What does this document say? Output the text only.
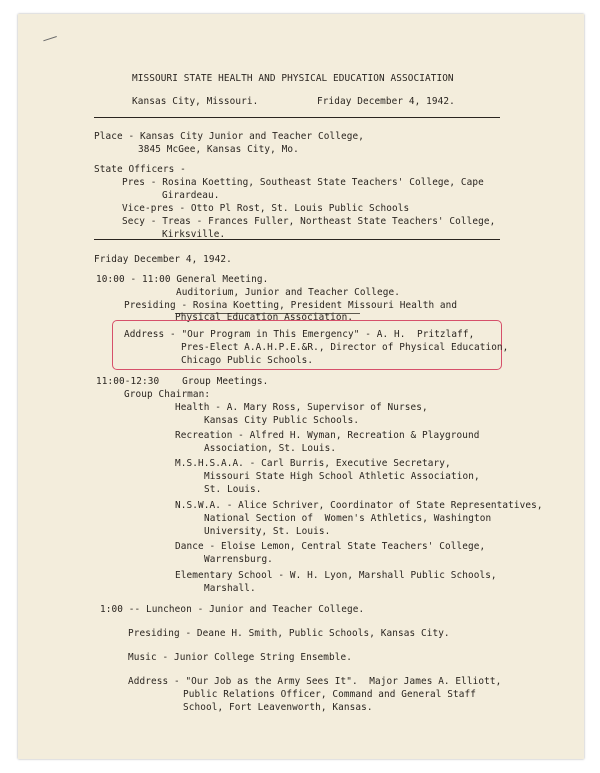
MISSOURI STATE HEALTH AND PHYSICAL EDUCATION ASSOCIATION
Kansas City, Missouri.	Friday December 4, 1942.
Place - Kansas City Junior and Teacher College,
3845 McGee, Kansas City, Mo.
State Officers -
Pres - Rosina Koetting, Southeast State Teachers' College, Cape
Girardeau.
Vice-pres - Otto Pl Rost, St. Louis Public Schools
Secy - Treas - Frances Fuller, Northeast State Teachers' College,
Kirksville.
Friday December 4, 1942.
10:00 - 11:00 General Meeting.
Auditorium, Junior and Teacher College.
Presiding - Rosina Koetting, President Missouri Health and
Physical Education Association.
Address - "Our Program in This Emergency" - A. H.  Pritzlaff,
Pres-Elect A.A.H.P.E.&R., Director of Physical Education,
Chicago Public Schools.
11:00-12:30    Group Meetings.
Group Chairman:
Health - A. Mary Ross, Supervisor of Nurses,
Kansas City Public Schools.
Recreation - Alfred H. Wyman, Recreation & Playground
Association, St. Louis.
M.S.H.S.A.A. - Carl Burris, Executive Secretary,
Missouri State High School Athletic Association,
St. Louis.
N.S.W.A. - Alice Schriver, Coordinator of State Representatives,
National Section of  Women's Athletics, Washington
University, St. Louis.
Dance - Eloise Lemon, Central State Teachers' College,
Warrensburg.
Elementary School - W. H. Lyon, Marshall Public Schools,
Marshall.
1:00 -- Luncheon - Junior and Teacher College.
Presiding - Deane H. Smith, Public Schools, Kansas City.
Music - Junior College String Ensemble.
Address - "Our Job as the Army Sees It".  Major James A. Elliott,
Public Relations Officer, Command and General Staff
School, Fort Leavenworth, Kansas.
